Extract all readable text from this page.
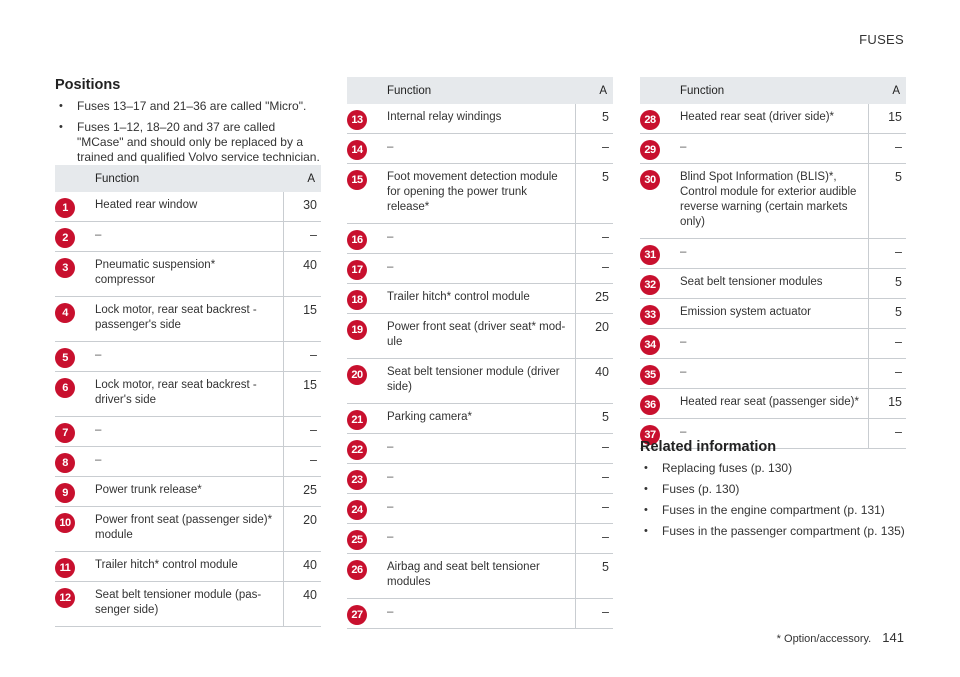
FUSES
Positions
• Fuses 13–17 and 21–36 are called "Micro".
• Fuses 1–12, 18–20 and 37 are called "MCase" and should only be replaced by a trained and qualified Volvo service technician.
	Function	A
1	Heated rear window	30
2	–	–
3	Pneumatic suspension* compressor	40
4	Lock motor, rear seat backrest - passenger's side	15
5	–	–
6	Lock motor, rear seat backrest - driver's side	15
7	–	–
8	–	–
9	Power trunk release*	25
10	Power front seat (passenger side)* module	20
11	Trailer hitch* control module	40
12	Seat belt tensioner module (pas-senger side)	40
	Function	A
13	Internal relay windings	5
14	–	–
15	Foot movement detection module for opening the power trunk release*	5
16	–	–
17	–	–
18	Trailer hitch* control module	25
19	Power front seat (driver seat* mod-ule	20
20	Seat belt tensioner module (driver side)	40
21	Parking camera*	5
22	–	–
23	–	–
24	–	–
25	–	–
26	Airbag and seat belt tensioner modules	5
27	–	–
	Function	A
28	Heated rear seat (driver side)*	15
29	–	–
30	Blind Spot Information (BLIS)*, Control module for exterior audible reverse warning (certain markets only)	5
31	–	–
32	Seat belt tensioner modules	5
33	Emission system actuator	5
34	–	–
35	–	–
36	Heated rear seat (passenger side)*	15
37	–	–
Related information
• Replacing fuses (p. 130)
• Fuses (p. 130)
• Fuses in the engine compartment (p. 131)
• Fuses in the passenger compartment (p. 135)
* Option/accessory. 141
